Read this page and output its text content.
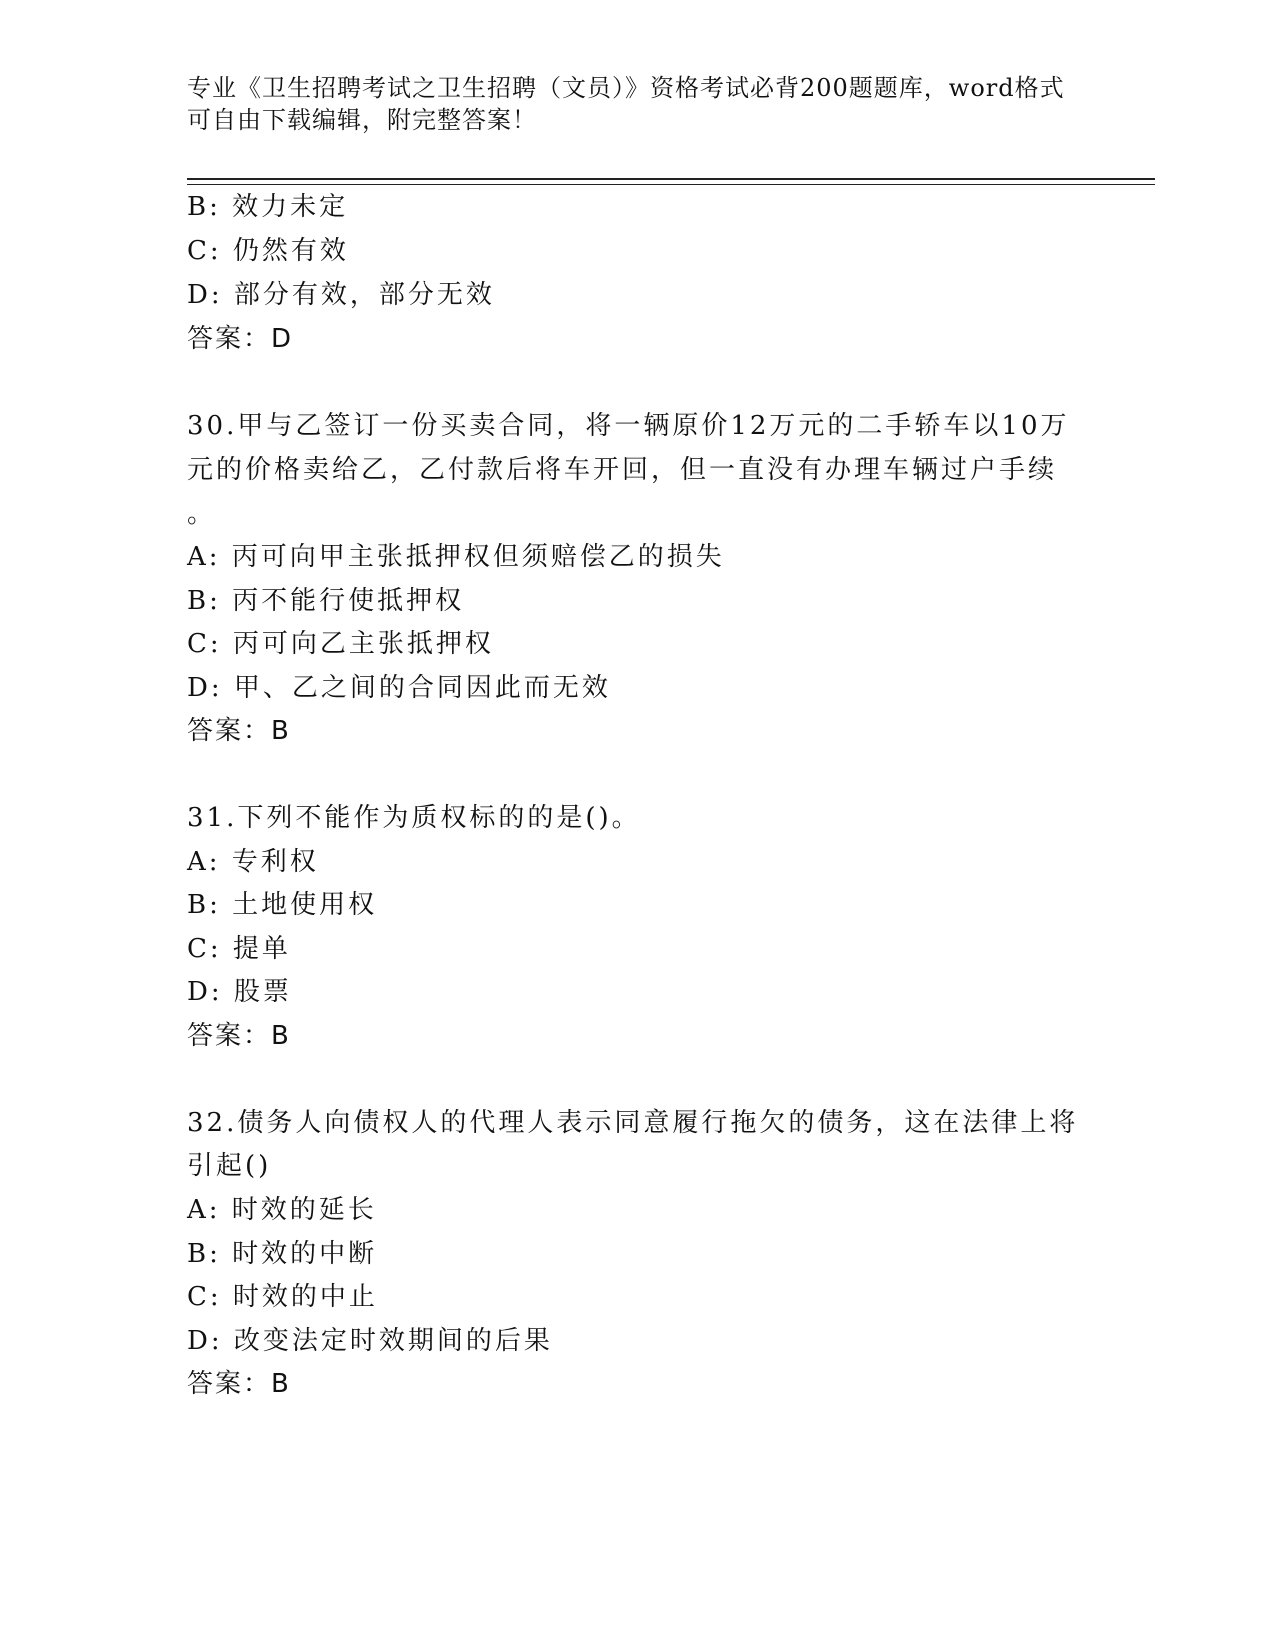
专业《卫生招聘考试之卫生招聘（文员）》资格考试必背200题题库，word格式
可自由下载编辑，附完整答案！
B: 效力未定
C: 仍然有效
D: 部分有效，部分无效
答案：D
30.甲与乙签订一份买卖合同，将一辆原价12万元的二手轿车以10万
元的价格卖给乙，乙付款后将车开回，但一直没有办理车辆过户手续
。
A: 丙可向甲主张抵押权但须赔偿乙的损失
B: 丙不能行使抵押权
C: 丙可向乙主张抵押权
D: 甲、乙之间的合同因此而无效
答案：B
31.下列不能作为质权标的的是()。
A: 专利权
B: 土地使用权
C: 提单
D: 股票
答案：B
32.债务人向债权人的代理人表示同意履行拖欠的债务，这在法律上将
引起()
A: 时效的延长
B: 时效的中断
C: 时效的中止
D: 改变法定时效期间的后果
答案：B
